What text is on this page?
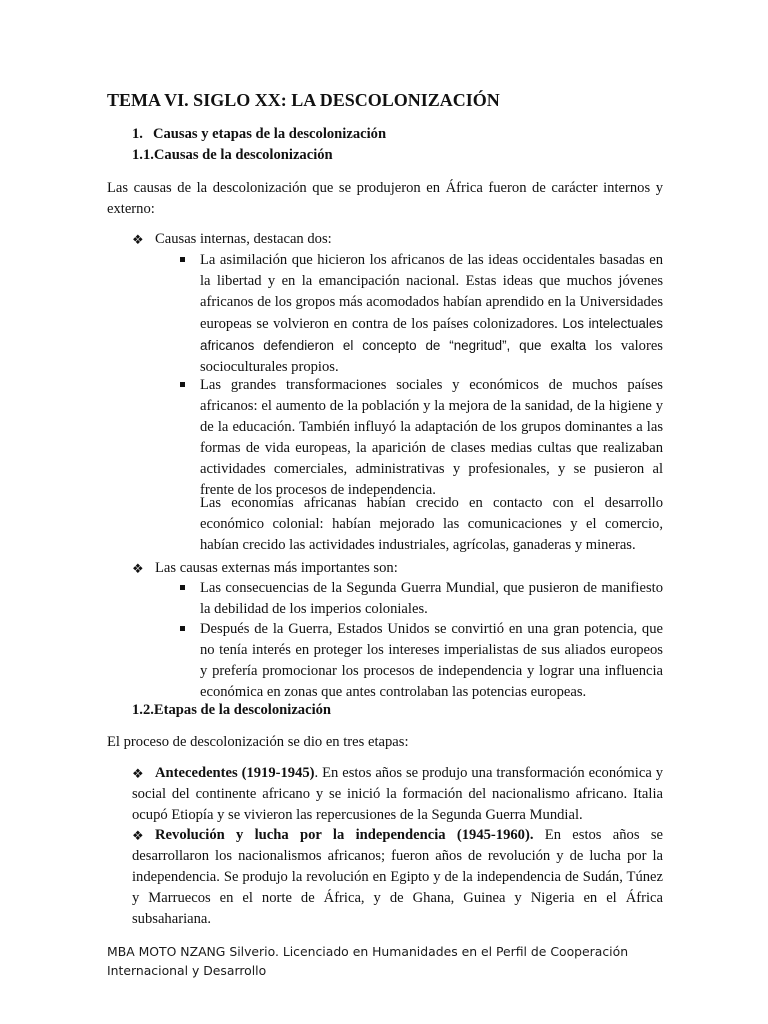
TEMA VI. SIGLO XX: LA DESCOLONIZACIÓN
1. Causas y etapas de la descolonización
1.1.Causas de la descolonización
Las causas de la descolonización que se produjeron en África fueron de carácter internos y externo:
❖ Causas internas, destacan dos:
La asimilación que hicieron los africanos de las ideas occidentales basadas en la libertad y en la emancipación nacional. Estas ideas que muchos jóvenes africanos de los gropos más acomodados habían aprendido en la Universidades europeas se volvieron en contra de los países colonizadores. Los intelectuales africanos defendieron el concepto de “negritud”, que exalta los valores socioculturales propios.
Las grandes transformaciones sociales y económicos de muchos países africanos: el aumento de la población y la mejora de la sanidad, de la higiene y de la educación. También influyó la adaptación de los grupos dominantes a las formas de vida europeas, la aparición de clases medias cultas que realizaban actividades comerciales, administrativas y profesionales, y se pusieron al frente de los procesos de independencia.
Las economías africanas habían crecido en contacto con el desarrollo económico colonial: habían mejorado las comunicaciones y el comercio, habían crecido las actividades industriales, agrícolas, ganaderas y mineras.
❖ Las causas externas más importantes son:
Las consecuencias de la Segunda Guerra Mundial, que pusieron de manifiesto la debilidad de los imperios coloniales.
Después de la Guerra, Estados Unidos se convirtió en una gran potencia, que no tenía interés en proteger los intereses imperialistas de sus aliados europeos y prefería promocionar los procesos de independencia y lograr una influencia económica en zonas que antes controlaban las potencias europeas.
1.2.Etapas de la descolonización
El proceso de descolonización se dio en tres etapas:
❖ Antecedentes (1919-1945). En estos años se produjo una transformación económica y social del continente africano y se inició la formación del nacionalismo africano. Italia ocupó Etiopía y se vivieron las repercusiones de la Segunda Guerra Mundial.
❖ Revolución y lucha por la independencia (1945-1960). En estos años se desarrollaron los nacionalismos africanos; fueron años de revolución y de lucha por la independencia. Se produjo la revolución en Egipto y de la independencia de Sudán, Túnez y Marruecos en el norte de África, y de Ghana, Guinea y Nigeria en el África subsahariana.
MBA MOTO NZANG Silverio. Licenciado en Humanidades en el Perfil de Cooperación Internacional y Desarrollo
